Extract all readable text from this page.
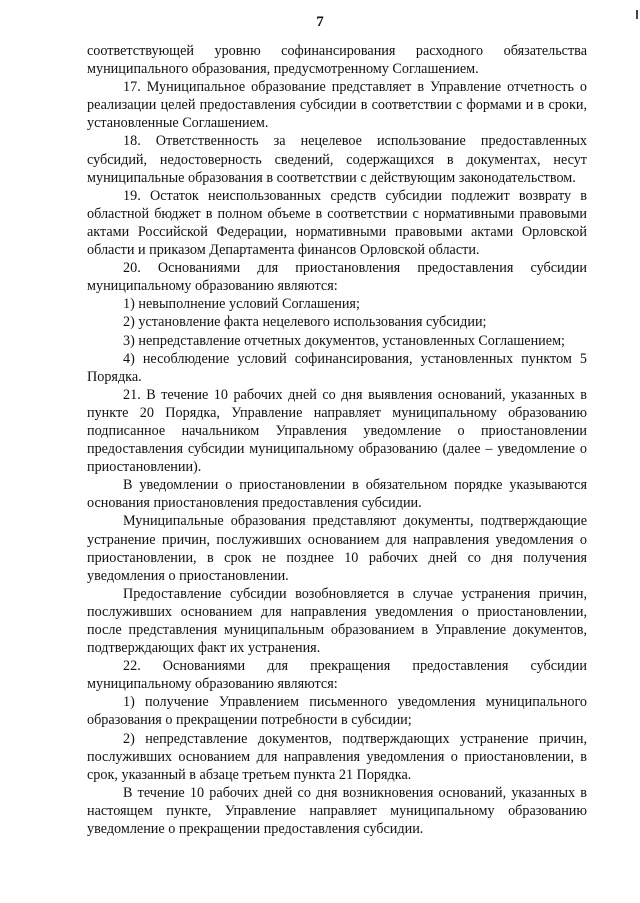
7

соответствующей уровню софинансирования расходного обязательства муниципального образования, предусмотренному Соглашением.

17. Муниципальное образование представляет в Управление отчетность о реализации целей предоставления субсидии в соответствии с формами и в сроки, установленные Соглашением.

18. Ответственность за нецелевое использование предоставленных субсидий, недостоверность сведений, содержащихся в документах, несут муниципальные образования в соответствии с действующим законодательством.

19. Остаток неиспользованных средств субсидии подлежит возврату в областной бюджет в полном объеме в соответствии с нормативными правовыми актами Российской Федерации, нормативными правовыми актами Орловской области и приказом Департамента финансов Орловской области.

20. Основаниями для приостановления предоставления субсидии муниципальному образованию являются:

1) невыполнение условий Соглашения;

2) установление факта нецелевого использования субсидии;

3) непредставление отчетных документов, установленных Соглашением;

4) несоблюдение условий софинансирования, установленных пунктом 5 Порядка.

21. В течение 10 рабочих дней со дня выявления оснований, указанных в пункте 20 Порядка, Управление направляет муниципальному образованию подписанное начальником Управления уведомление о приостановлении предоставления субсидии муниципальному образованию (далее – уведомление о приостановлении).

В уведомлении о приостановлении в обязательном порядке указываются основания приостановления предоставления субсидии.

Муниципальные образования представляют документы, подтверждающие устранение причин, послуживших основанием для направления уведомления о приостановлении, в срок не позднее 10 рабочих дней со дня получения уведомления о приостановлении.

Предоставление субсидии возобновляется в случае устранения причин, послуживших основанием для направления уведомления о приостановлении, после представления муниципальным образованием в Управление документов, подтверждающих факт их устранения.

22. Основаниями для прекращения предоставления субсидии муниципальному образованию являются:

1) получение Управлением письменного уведомления муниципального образования о прекращении потребности в субсидии;

2) непредставление документов, подтверждающих устранение причин, послуживших основанием для направления уведомления о приостановлении, в срок, указанный в абзаце третьем пункта 21 Порядка.

В течение 10 рабочих дней со дня возникновения оснований, указанных в настоящем пункте, Управление направляет муниципальному образованию уведомление о прекращении предоставления субсидии.
